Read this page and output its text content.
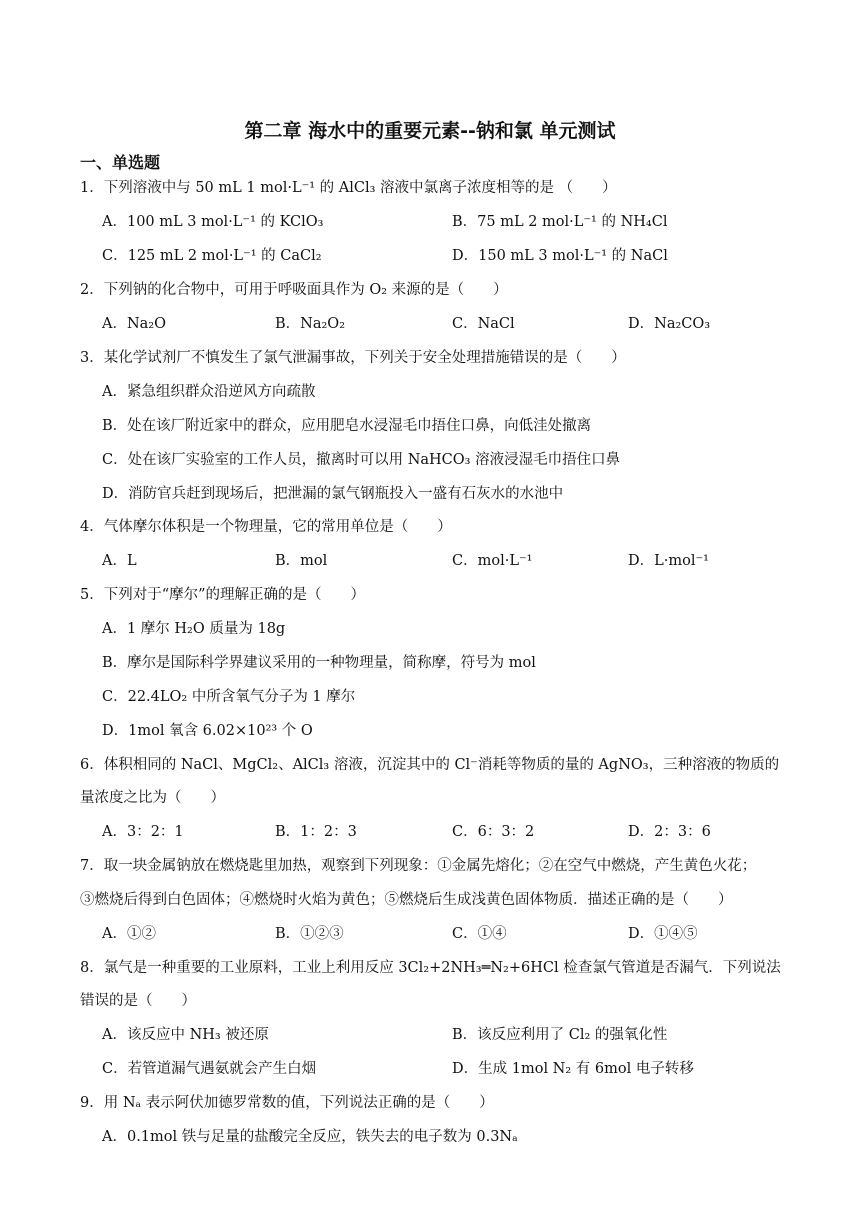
第二章 海水中的重要元素--钠和氯 单元测试
一、单选题
1．下列溶液中与 50 mL 1 mol·L⁻¹ 的 AlCl₃ 溶液中氯离子浓度相等的是 （　　）
A．100 mL 3 mol·L⁻¹ 的 KClO₃	B．75 mL 2 mol·L⁻¹ 的 NH₄Cl
C．125 mL 2 mol·L⁻¹ 的 CaCl₂	D．150 mL 3 mol·L⁻¹ 的 NaCl
2．下列钠的化合物中，可用于呼吸面具作为 O₂ 来源的是（　　）
A．Na₂O	B．Na₂O₂	C．NaCl	D．Na₂CO₃
3．某化学试剂厂不慎发生了氯气泄漏事故，下列关于安全处理措施错误的是（　　）
A．紧急组织群众沿逆风方向疏散
B．处在该厂附近家中的群众，应用肥皂水浸湿毛巾捂住口鼻，向低洼处撤离
C．处在该厂实验室的工作人员，撤离时可以用 NaHCO₃ 溶液浸湿毛巾捂住口鼻
D．消防官兵赶到现场后，把泄漏的氯气钢瓶投入一盛有石灰水的水池中
4．气体摩尔体积是一个物理量，它的常用单位是（　　）
A．L	B．mol	C．mol·L⁻¹	D．L·mol⁻¹
5．下列对于“摩尔”的理解正确的是（　　）
A．1 摩尔 H₂O 质量为 18g
B．摩尔是国际科学界建议采用的一种物理量，简称摩，符号为 mol
C．22.4LO₂ 中所含氧气分子为 1 摩尔
D．1mol 氧含 6.02×10²³ 个 O
6．体积相同的 NaCl、MgCl₂、AlCl₃ 溶液，沉淀其中的 Cl⁻消耗等物质的量的 AgNO₃，三种溶液的物质的
量浓度之比为（　　）
A．3：2：1	B．1：2：3	C．6：3：2	D．2：3：6
7．取一块金属钠放在燃烧匙里加热，观察到下列现象：①金属先熔化；②在空气中燃烧，产生黄色火花；
③燃烧后得到白色固体；④燃烧时火焰为黄色；⑤燃烧后生成浅黄色固体物质．描述正确的是（　　）
A．①②	B．①②③	C．①④	D．①④⑤
8．氯气是一种重要的工业原料，工业上利用反应 3Cl₂+2NH₃═N₂+6HCl 检查氯气管道是否漏气．下列说法
错误的是（　　）
A．该反应中 NH₃ 被还原	B．该反应利用了 Cl₂ 的强氧化性
C．若管道漏气遇氨就会产生白烟	D．生成 1mol N₂ 有 6mol 电子转移
9．用 Nₐ 表示阿伏加德罗常数的值，下列说法正确的是（　　）
A．0.1mol 铁与足量的盐酸完全反应，铁失去的电子数为 0.3Nₐ
